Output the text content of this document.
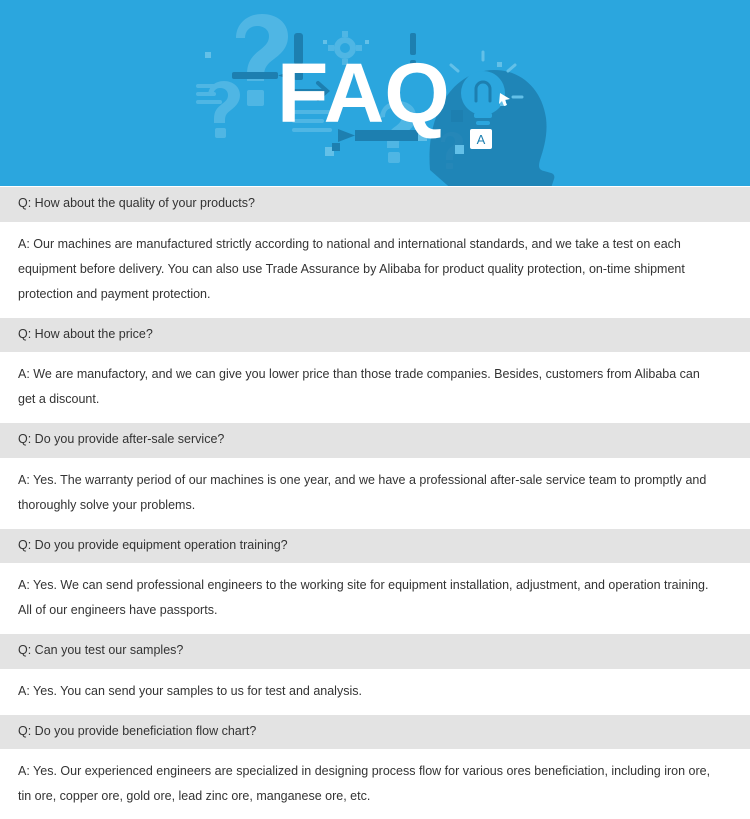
A
FAQ
Q: How about the quality of your products?
A: Our machines are manufactured strictly according to national and international standards, and we take a test on each equipment before delivery. You can also use Trade Assurance by Alibaba for product quality protection, on-time shipment protection and payment protection.
Q: How about the price?
A: We are manufactory, and we can give you lower price than those trade companies. Besides, customers from Alibaba can get a discount.
Q: Do you provide after-sale service?
A: Yes. The warranty period of our machines is one year, and we have a professional after-sale service team to promptly and thoroughly solve your problems.
Q: Do you provide equipment operation training?
A: Yes. We can send professional engineers to the working site for equipment installation, adjustment, and operation training. All of our engineers have passports.
Q: Can you test our samples?
A: Yes. You can send your samples to us for test and analysis.
Q: Do you provide beneficiation flow chart?
A: Yes. Our experienced engineers are specialized in designing process flow for various ores beneficiation, including iron ore, tin ore, copper ore, gold ore, lead zinc ore, manganese ore, etc.
